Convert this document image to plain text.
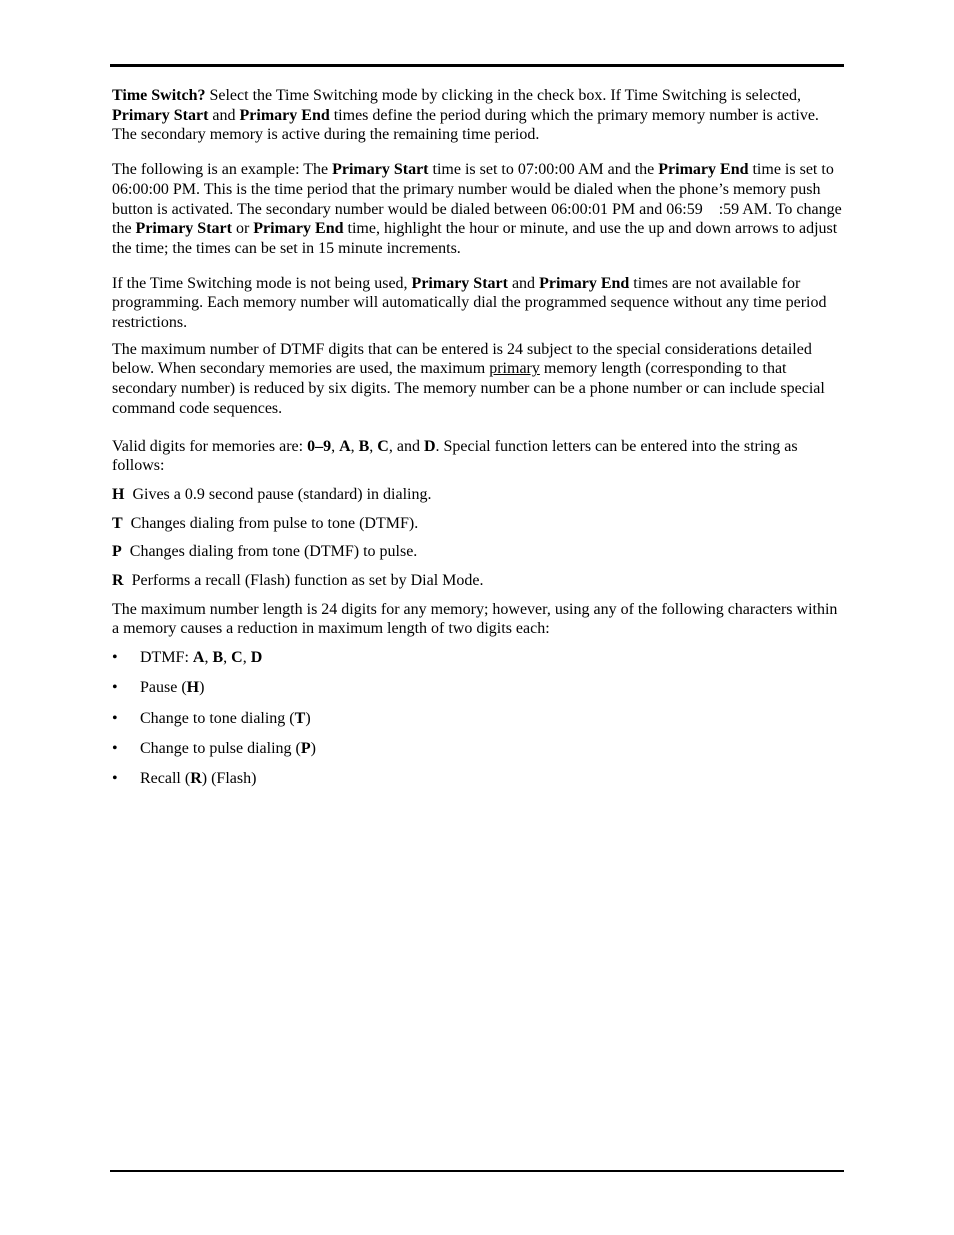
Time Switch? Select the Time Switching mode by clicking in the check box. If Time Switching is selected, Primary Start and Primary End times define the period during which the primary memory number is active. The secondary memory is active during the remaining time period.

The following is an example: The Primary Start time is set to 07:00:00 AM and the Primary End time is set to 06:00:00 PM. This is the time period that the primary number would be dialed when the phone’s memory push button is activated. The secondary number would be dialed between 06:00:01 PM and 06:59 :59 AM. To change the Primary Start or Primary End time, highlight the hour or minute, and use the up and down arrows to adjust the time; the times can be set in 15 minute increments.

If the Time Switching mode is not being used, Primary Start and Primary End times are not available for programming. Each memory number will automatically dial the programmed sequence without any time period restrictions.

The maximum number of DTMF digits that can be entered is 24 subject to the special considerations detailed below. When secondary memories are used, the maximum primary memory length (corresponding to that secondary number) is reduced by six digits. The memory number can be a phone number or can include special command code sequences.

Valid digits for memories are: 0–9, A, B, C, and D. Special function letters can be entered into the string as follows:

H  Gives a 0.9 second pause (standard) in dialing.

T  Changes dialing from pulse to tone (DTMF).

P  Changes dialing from tone (DTMF) to pulse.

R  Performs a recall (Flash) function as set by Dial Mode.

The maximum number length is 24 digits for any memory; however, using any of the following characters within a memory causes a reduction in maximum length of two digits each:

•	DTMF: A, B, C, D
•	Pause (H)
•	Change to tone dialing (T)
•	Change to pulse dialing (P)
•	Recall (R) (Flash)
